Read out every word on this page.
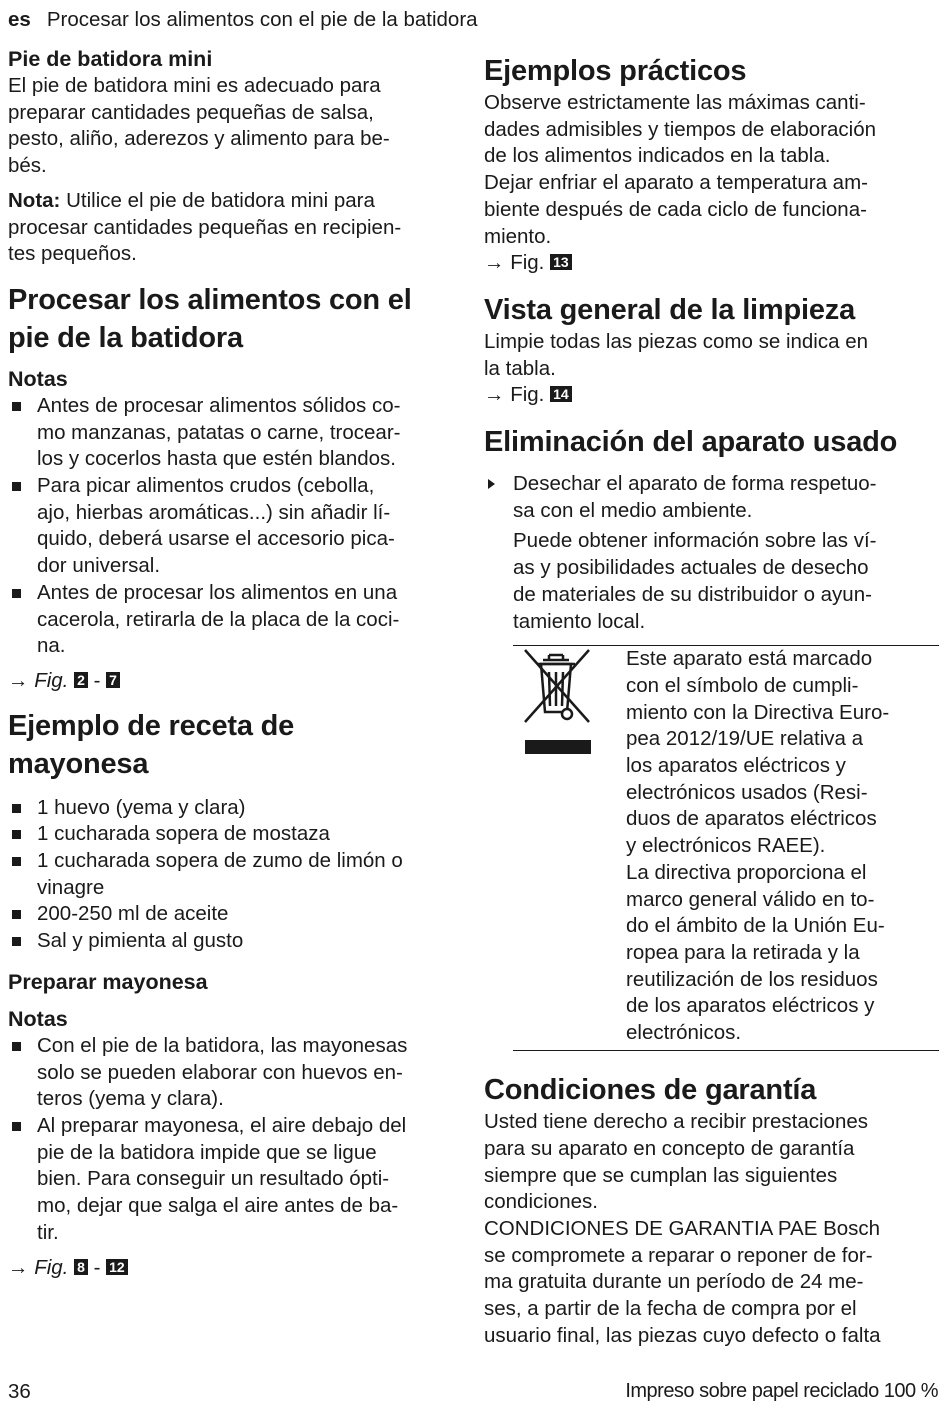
es Procesar los alimentos con el pie de la batidora
Pie de batidora mini

El pie de batidora mini es adecuado para
preparar cantidades pequeñas de salsa,
pesto, aliño, aderezos y alimento para be-
bés.

Nota: Utilice el pie de batidora mini para
procesar cantidades pequeñas en recipien-
tes pequeños.

Procesar los alimentos con el
pie de la batidora
Notas
Antes de procesar alimentos sólidos co-
mo manzanas, patatas o carne, trocear-
los y cocerlos hasta que estén blandos.
Para picar alimentos crudos (cebolla,
ajo, hierbas aromáticas...) sin añadir lí-
quido, deberá usarse el accesorio pica-
dor universal.
Antes de procesar los alimentos en una
cacerola, retirarla de la placa de la coci-
na.

→ Fig. 2 - 7

Ejemplo de receta de
mayonesa
1 huevo (yema y clara)
1 cucharada sopera de mostaza
1 cucharada sopera de zumo de limón o
vinagre
200-250 ml de aceite
Sal y pimienta al gusto
Preparar mayonesa
Notas
Con el pie de la batidora, las mayonesas
solo se pueden elaborar con huevos en-
teros (yema y clara).
Al preparar mayonesa, el aire debajo del
pie de la batidora impide que se ligue
bien. Para conseguir un resultado ópti-
mo, dejar que salga el aire antes de ba-
tir.

→ Fig. 8 - 12

Ejemplos prácticos

Observe estrictamente las máximas canti-
dades admisibles y tiempos de elaboración
de los alimentos indicados en la tabla.
Dejar enfriar el aparato a temperatura am-
biente después de cada ciclo de funciona-
miento.

→ Fig. 13

Vista general de la limpieza

Limpie todas las piezas como se indica en
la tabla.

→ Fig. 14

Eliminación del aparato usado
Desechar el aparato de forma respetuo-
sa con el medio ambiente.

Puede obtener información sobre las ví-
as y posibilidades actuales de desecho
de materiales de su distribuidor o ayun-
tamiento local.

Este aparato está marcado
con el símbolo de cumpli-
miento con la Directiva Euro-
pea 2012/19/UE relativa a
los aparatos eléctricos y
electrónicos usados (Resi-
duos de aparatos eléctricos
y electrónicos RAEE).
La directiva proporciona el
marco general válido en to-
do el ámbito de la Unión Eu-
ropea para la retirada y la
reutilización de los residuos
de los aparatos eléctricos y
electrónicos.

Condiciones de garantía

Usted tiene derecho a recibir prestaciones
para su aparato en concepto de garantía
siempre que se cumplan las siguientes
condiciones.
CONDICIONES DE GARANTIA PAE Bosch
se compromete a reparar o reponer de for-
ma gratuita durante un período de 24 me-
ses, a partir de la fecha de compra por el
usuario final, las piezas cuyo defecto o falta

36	Impreso sobre papel reciclado 100 %
